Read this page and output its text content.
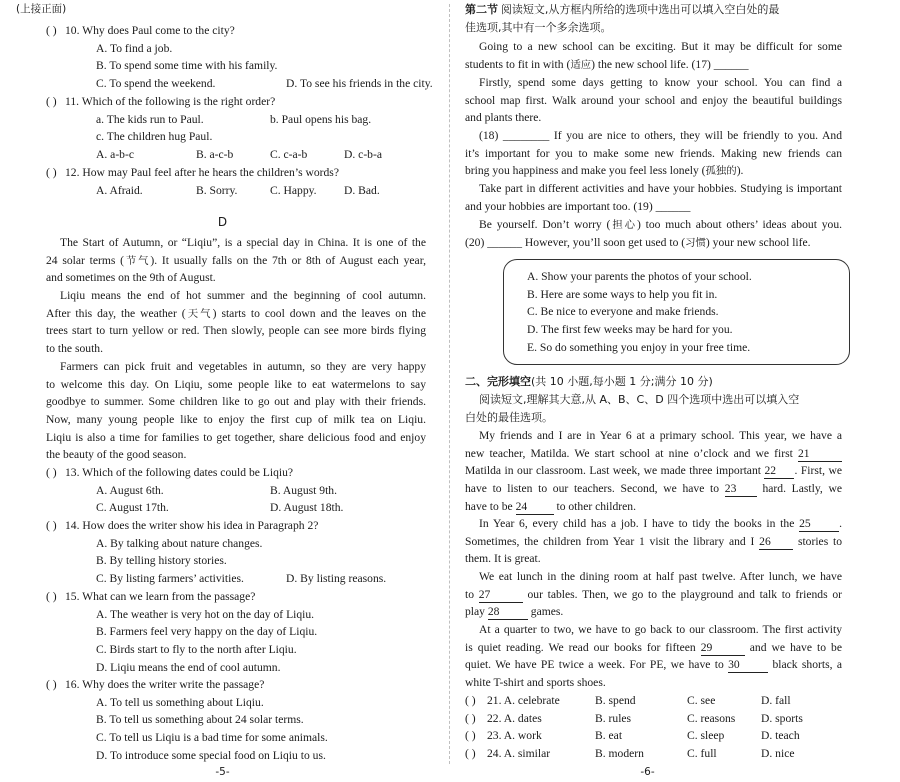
(上接正面)
( ) 10. Why does Paul come to the city?
A. To find a job.
B. To spend some time with his family.
C. To spend the weekend.	D. To see his friends in the city.
( ) 11. Which of the following is the right order?
a. The kids run to Paul.	b. Paul opens his bag.
c. The children hug Paul.
A. a-b-c	B. a-c-b	C. c-a-b	D. c-b-a
( ) 12. How may Paul feel after he hears the children’s words?
A. Afraid.	B. Sorry.	C. Happy. D. Bad.
D
The Start of Autumn, or “Liqiu”, is a special day in China. It is one of the
24 solar terms (节气). It usually falls on the 7th or 8th of August each year,
and sometimes on the 9th of August.
Liqiu means the end of hot summer and the beginning of cool autumn.
After this day, the weather (天气) starts to cool down and the leaves on the
trees start to turn yellow or red. Then slowly, people can see more birds flying
to the south.
Farmers can pick fruit and vegetables in autumn, so they are very happy
to welcome this day. On Liqiu, some people like to eat watermelons to say
goodbye to summer. Some children like to go out and play with their friends.
Now, many young people like to enjoy the first cup of milk tea on Liqiu.
Liqiu is also a time for families to get together, share delicious food and enjoy
the beauty of the good season.
( ) 13. Which of the following dates could be Liqiu?
A. August 6th.	B. August 9th.
C. August 17th.	D. August 18th.
( ) 14. How does the writer show his idea in Paragraph 2?
A. By talking about nature changes.
B. By telling history stories.
C. By listing farmers’ activities.	D. By listing reasons.
( ) 15. What can we learn from the passage?
A. The weather is very hot on the day of Liqiu.
B. Farmers feel very happy on the day of Liqiu.
C. Birds start to fly to the north after Liqiu.
D. Liqiu means the end of cool autumn.
( ) 16. Why does the writer write the passage?
A. To tell us something about Liqiu.
B. To tell us something about 24 solar terms.
C. To tell us Liqiu is a bad time for some animals.
D. To introduce some special food on Liqiu to us.
-5-
第二节 阅读短文,从方框内所给的选项中选出可以填入空白处的最
佳选项,其中有一个多余选项。
Going to a new school can be exciting. But it may be difficult for some
students to fit in with (适应) the new school life. (17) ______
Firstly, spend some days getting to know your school. You can find a
school map first. Walk around your school and enjoy the beautiful buildings
and plants there.
(18) ________ If you are nice to others, they will be friendly to you. And
it’s important for you to make some new friends. Making new friends can
bring you happiness and make you feel less lonely (孤独的).
Take part in different activities and have your hobbies. Studying is important
and your hobbies are important too. (19) ______
Be yourself. Don’t worry (担心) too much about others’ ideas about you.
(20) ______ However, you’ll soon get used to (习惯) your new school life.
A. Show your parents the photos of your school.
B. Here are some ways to help you fit in.
C. Be nice to everyone and make friends.
D. The first few weeks may be hard for you.
E. So do something you enjoy in your free time.
二、完形填空(共 10 小题,每小题 1 分;满分 10 分)
阅读短文,理解其大意,从 A、B、C、D 四个选项中选出可以填入空
白处的最佳选项。
My friends and I are in Year 6 at a primary school. This year, we have a
new teacher, Matilda. We start school at nine o’clock and we first 21
Matilda in our classroom. Last week, we made three important 22 . First, we
have to listen to our teachers. Second, we have to 23 hard. Lastly, we
have to be 24	to other children.
In Year 6, every child has a job. I have to tidy the books in the 25 .
Sometimes, the children from Year 1 visit the library and I 26 stories to
them. It is great.
We eat lunch in the dining room at half past twelve. After lunch, we have
to 27	our tables. Then, we go to the playground and talk to friends or
play 28	games.
At a quarter to two, we have to go back to our classroom. The first activity
is quiet reading. We read our books for fifteen 29	and we have to be
quiet. We have PE twice a week. For PE, we have to 30	black shorts, a
white T-shirt and sports shoes.
( ) 21. A. celebrate	B. spend	C. see	D. fall
( ) 22. A. dates	B. rules	C. reasons D. sports
( ) 23. A. work	B. eat	C. sleep	D. teach
( ) 24. A. similar	B. modern	C. full	D. nice
-6-
